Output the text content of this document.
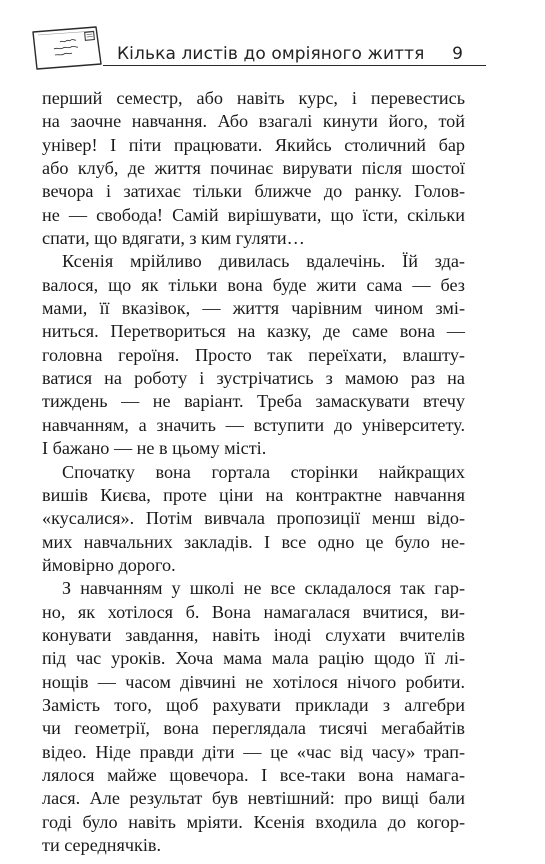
Кілька листів до омріяного життя 9
перший семестр, або навіть курс, і перевестись
на заочне навчання. Або взагалі кинути його, той
універ! І піти працювати. Якийсь столичний бар
або клуб, де життя починає вирувати після шостої
вечора і затихає тільки ближче до ранку. Голов-
не — свобода! Самій вирішувати, що їсти, скільки
спати, що вдягати, з ким гуляти…
Ксенія мрійливо дивилась вдалечінь. Їй зда-
валося, що як тільки вона буде жити сама — без
мами, її вказівок, — життя чарівним чином змі-
ниться. Перетвориться на казку, де саме вона —
головна героїня. Просто так переїхати, влашту-
ватися на роботу і зустрічатись з мамою раз на
тиждень — не варіант. Треба замаскувати втечу
навчанням, а значить — вступити до університету.
І бажано — не в цьому місті.
Спочатку вона гортала сторінки найкращих
вишів Києва, проте ціни на контрактне навчання
«кусалися». Потім вивчала пропозиції менш відо-
мих навчальних закладів. І все одно це було не-
ймовірно дорого.
З навчанням у школі не все складалося так гар-
но, як хотілося б. Вона намагалася вчитися, ви-
конувати завдання, навіть іноді слухати вчителів
під час уроків. Хоча мама мала рацію щодо її лі-
нощів — часом дівчині не хотілося нічого робити.
Замість того, щоб рахувати приклади з алгебри
чи геометрії, вона переглядала тисячі мегабайтів
відео. Ніде правди діти — це «час від часу» трап-
лялося майже щовечора. І все-таки вона намага-
лася. Але результат був невтішний: про вищі бали
годі було навіть мріяти. Ксенія входила до когор-
ти середнячків.
